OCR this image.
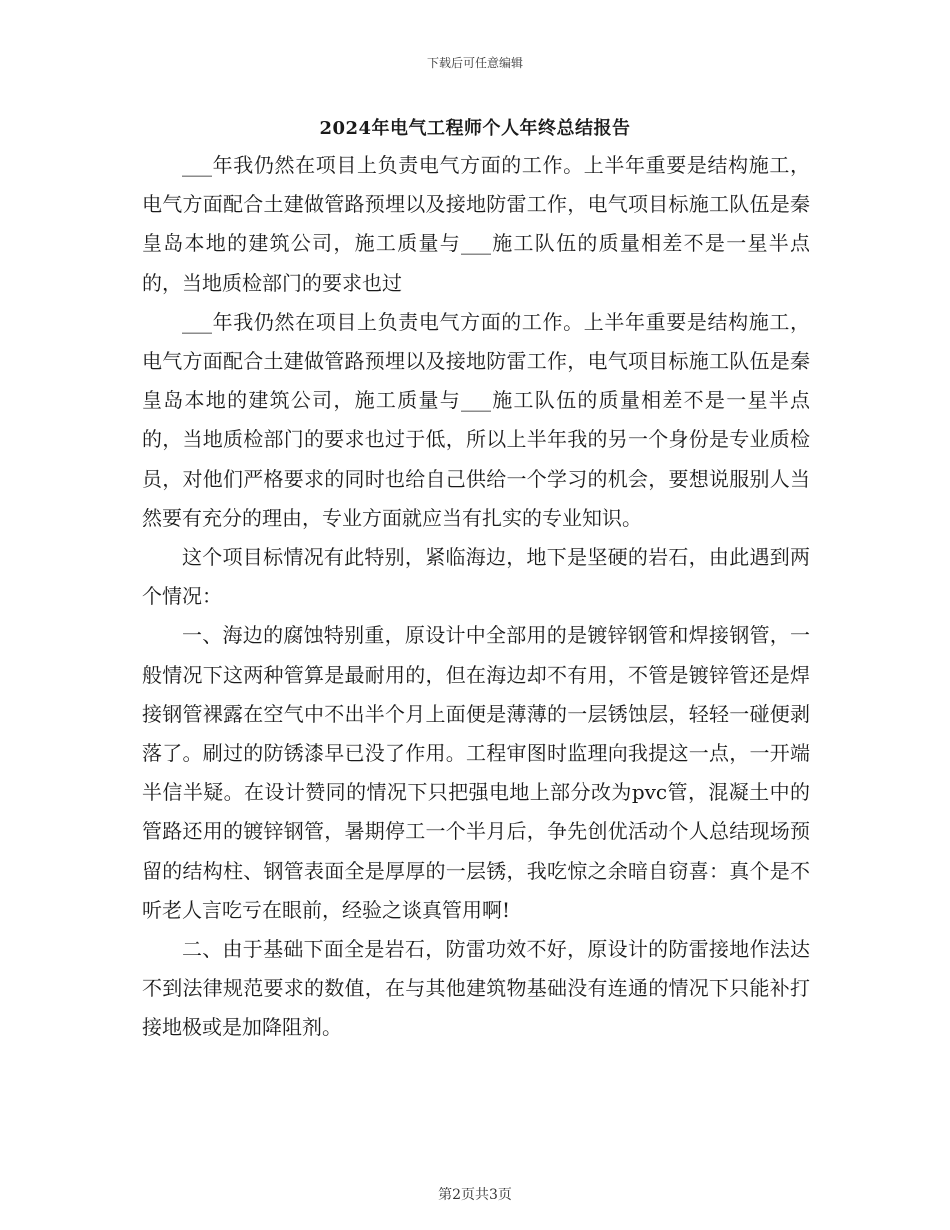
下载后可任意编辑
2024年电气工程师个人年终总结报告

___年我仍然在项目上负责电气方面的工作。上半年重要是结构施工，电气方面配合土建做管路预埋以及接地防雷工作，电气项目标施工队伍是秦皇岛本地的建筑公司，施工质量与___施工队伍的质量相差不是一星半点的，当地质检部门的要求也过

___年我仍然在项目上负责电气方面的工作。上半年重要是结构施工，电气方面配合土建做管路预埋以及接地防雷工作，电气项目标施工队伍是秦皇岛本地的建筑公司，施工质量与___施工队伍的质量相差不是一星半点的，当地质检部门的要求也过于低，所以上半年我的另一个身份是专业质检员，对他们严格要求的同时也给自己供给一个学习的机会，要想说服别人当然要有充分的理由，专业方面就应当有扎实的专业知识。

这个项目标情况有此特别，紧临海边，地下是坚硬的岩石，由此遇到两个情况：

一、海边的腐蚀特别重，原设计中全部用的是镀锌钢管和焊接钢管，一般情况下这两种管算是最耐用的，但在海边却不有用，不管是镀锌管还是焊接钢管裸露在空气中不出半个月上面便是薄薄的一层锈蚀层，轻轻一碰便剥落了。刷过的防锈漆早已没了作用。工程审图时监理向我提这一点，一开端半信半疑。在设计赞同的情况下只把强电地上部分改为pvc管，混凝土中的管路还用的镀锌钢管，暑期停工一个半月后，争先创优活动个人总结现场预留的结构柱、钢管表面全是厚厚的一层锈，我吃惊之余暗自窃喜：真个是不听老人言吃亏在眼前，经验之谈真管用啊!

二、由于基础下面全是岩石，防雷功效不好，原设计的防雷接地作法达不到法律规范要求的数值，在与其他建筑物基础没有连通的情况下只能补打接地极或是加降阻剂。

第2页共3页
